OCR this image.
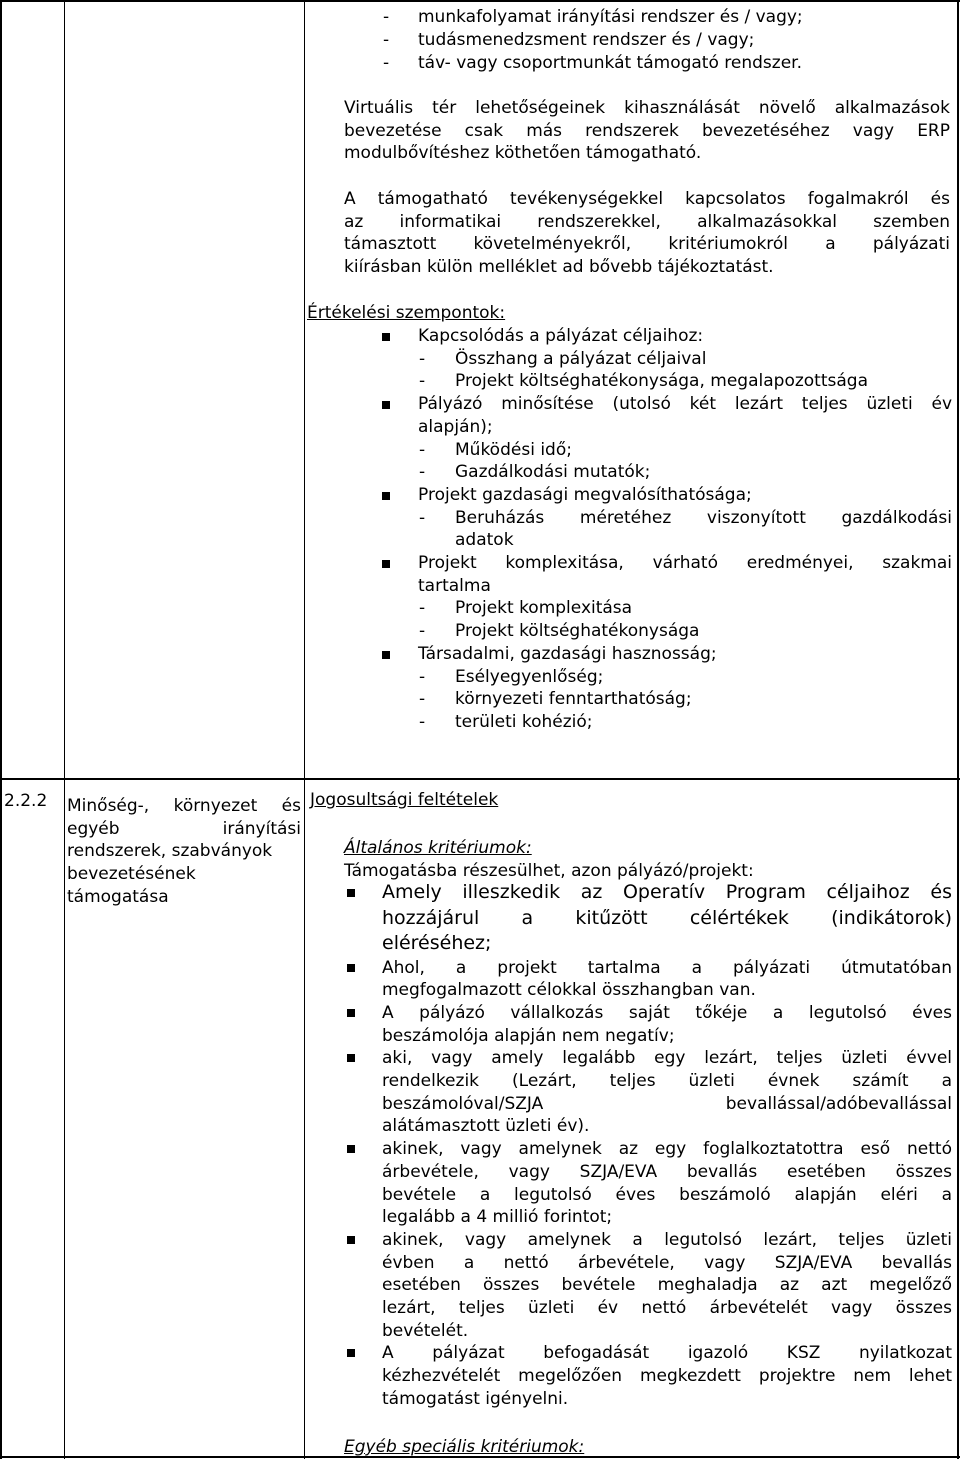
- munkafolyamat irányítási rendszer és / vagy;
- tudásmenedzsment rendszer és / vagy;
- táv- vagy csoportmunkát támogató rendszer.
Virtuális tér lehetőségeinek kihasználását növelő alkalmazások
bevezetése csak más rendszerek bevezetéséhez vagy ERP
modulbővítéshez köthetően támogatható.
A támogatható tevékenységekkel kapcsolatos fogalmakról és
az informatikai rendszerekkel, alkalmazásokkal szemben
támasztott követelményekről, kritériumokról a pályázati
kiírásban külön melléklet ad bővebb tájékoztatást.
Értékelési szempontok:
Kapcsolódás a pályázat céljaihoz:
- Összhang a pályázat céljaival
- Projekt költséghatékonysága, megalapozottsága
Pályázó minősítése (utolsó két lezárt teljes üzleti év
alapján);
- Működési idő;
- Gazdálkodási mutatók;
Projekt gazdasági megvalósíthatósága;
- Beruházás méretéhez viszonyított gazdálkodási
adatok
Projekt komplexitása, várható eredményei, szakmai
tartalma
- Projekt komplexitása
- Projekt költséghatékonysága
Társadalmi, gazdasági hasznosság;
- Esélyegyenlőség;
- környezeti fenntarthatóság;
- területi kohézió;
2.2.2 Minőség-, környezet és
egyéb irányítási
rendszerek, szabványok
bevezetésének
támogatása
Jogosultsági feltételek
Általános kritériumok:
Támogatásba részesülhet, azon pályázó/projekt:
Amely illeszkedik az Operatív Program céljaihoz és
hozzájárul a kitűzött célértékek (indikátorok)
eléréséhez;
Ahol, a projekt tartalma a pályázati útmutatóban
megfogalmazott célokkal összhangban van.
A pályázó vállalkozás saját tőkéje a legutolsó éves
beszámolója alapján nem negatív;
aki, vagy amely legalább egy lezárt, teljes üzleti évvel
rendelkezik (Lezárt, teljes üzleti évnek számít a
beszámolóval/SZJA bevallással/adóbevallással
alátámasztott üzleti év).
akinek, vagy amelynek az egy foglalkoztatottra eső nettó
árbevétele, vagy SZJA/EVA bevallás esetében összes
bevétele a legutolsó éves beszámoló alapján eléri a
legalább a 4 millió forintot;
akinek, vagy amelynek a legutolsó lezárt, teljes üzleti
évben a nettó árbevétele, vagy SZJA/EVA bevallás
esetében összes bevétele meghaladja az azt megelőző
lezárt, teljes üzleti év nettó árbevételét vagy összes
bevételét.
A pályázat befogadását igazoló KSZ nyilatkozat
kézhezvételét megelőzően megkezdett projektre nem lehet
támogatást igényelni.
Egyéb speciális kritériumok:
